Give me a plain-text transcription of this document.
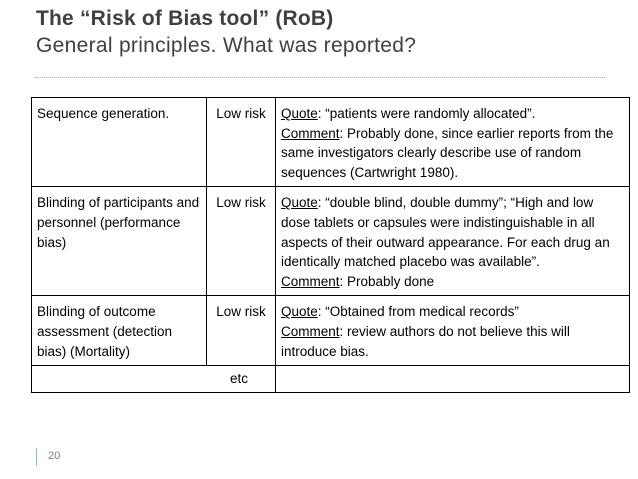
The “Risk of Bias tool” (RoB)
General principles. What was reported?
Sequence generation.	Low risk	Quote: “patients were randomly allocated”.
Comment: Probably done, since earlier reports from the same investigators clearly describe use of random sequences (Cartwright 1980).
Blinding of participants and personnel (performance bias)	Low risk	Quote: “double blind, double dummy”; “High and low dose tablets or capsules were indistinguishable in all aspects of their outward appearance. For each drug an identically matched placebo was available”.
Comment: Probably done
Blinding of outcome assessment (detection bias) (Mortality)	Low risk	Quote: “Obtained from medical records”
Comment: review authors do not believe this will introduce bias.
etc		
20
